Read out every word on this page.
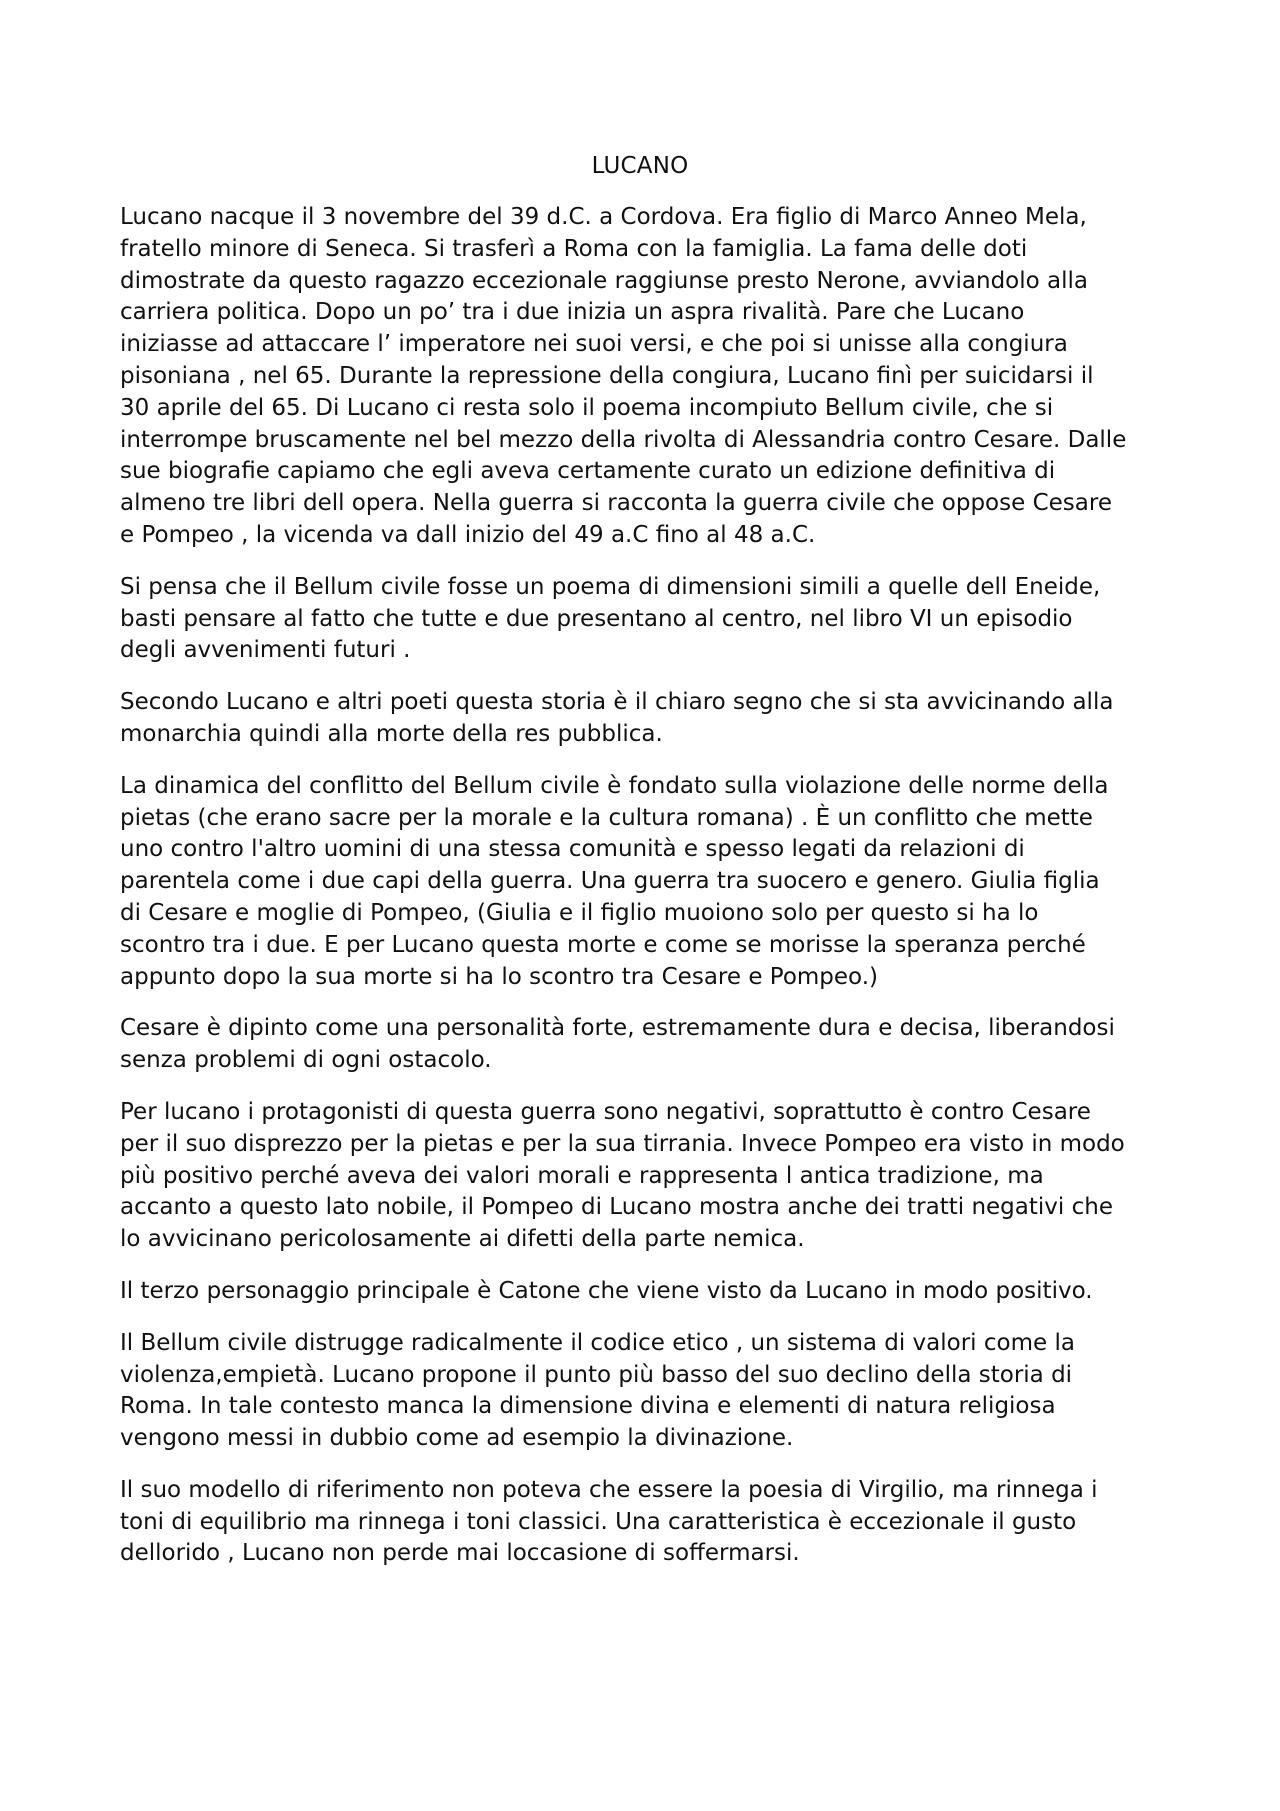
LUCANO

Lucano nacque il 3 novembre del 39 d.C. a Cordova. Era figlio di Marco Anneo Mela,
fratello minore di Seneca. Si trasferì a Roma con la famiglia. La fama delle doti
dimostrate da questo ragazzo eccezionale raggiunse presto Nerone, avviandolo alla
carriera politica. Dopo un po’ tra i due inizia un aspra rivalità. Pare che Lucano
iniziasse ad attaccare l’ imperatore nei suoi versi, e che poi si unisse alla congiura
pisoniana , nel 65. Durante la repressione della congiura, Lucano finì per suicidarsi il
30 aprile del 65. Di Lucano ci resta solo il poema incompiuto Bellum civile, che si
interrompe bruscamente nel bel mezzo della rivolta di Alessandria contro Cesare. Dalle
sue biografie capiamo che egli aveva certamente curato un edizione definitiva di
almeno tre libri dell opera. Nella guerra si racconta la guerra civile che oppose Cesare
e Pompeo , la vicenda va dall inizio del 49 a.C fino al 48 a.C.

Si pensa che il Bellum civile fosse un poema di dimensioni simili a quelle dell Eneide,
basti pensare al fatto che tutte e due presentano al centro, nel libro VI un episodio
degli avvenimenti futuri .

Secondo Lucano e altri poeti questa storia è il chiaro segno che si sta avvicinando alla
monarchia quindi alla morte della res pubblica.

La dinamica del conflitto del Bellum civile è fondato sulla violazione delle norme della
pietas (che erano sacre per la morale e la cultura romana) . È un conflitto che mette
uno contro l'altro uomini di una stessa comunità e spesso legati da relazioni di
parentela come i due capi della guerra. Una guerra tra suocero e genero. Giulia figlia
di Cesare e moglie di Pompeo, (Giulia e il figlio muoiono solo per questo si ha lo
scontro tra i due. E per Lucano questa morte e come se morisse la speranza perché
appunto dopo la sua morte si ha lo scontro tra Cesare e Pompeo.)

Cesare è dipinto come una personalità forte, estremamente dura e decisa, liberandosi
senza problemi di ogni ostacolo.

Per lucano i protagonisti di questa guerra sono negativi, soprattutto è contro Cesare
per il suo disprezzo per la pietas e per la sua tirrania. Invece Pompeo era visto in modo
più positivo perché aveva dei valori morali e rappresenta l antica tradizione, ma
accanto a questo lato nobile, il Pompeo di Lucano mostra anche dei tratti negativi che
lo avvicinano pericolosamente ai difetti della parte nemica.

Il terzo personaggio principale è Catone che viene visto da Lucano in modo positivo.

Il Bellum civile distrugge radicalmente il codice etico , un sistema di valori come la
violenza,empietà. Lucano propone il punto più basso del suo declino della storia di
Roma. In tale contesto manca la dimensione divina e elementi di natura religiosa
vengono messi in dubbio come ad esempio la divinazione.

Il suo modello di riferimento non poteva che essere la poesia di Virgilio, ma rinnega i
toni di equilibrio ma rinnega i toni classici. Una caratteristica è eccezionale il gusto
dellorido , Lucano non perde mai loccasione di soffermarsi.
